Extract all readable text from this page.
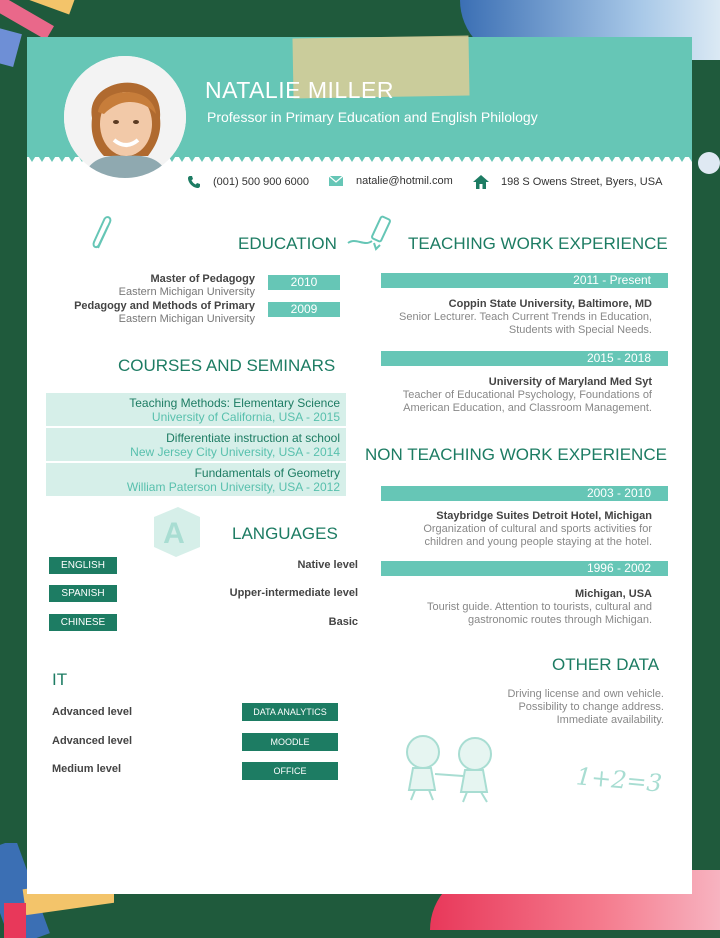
NATALIE MILLER
Professor in Primary Education and English Philology
(001) 500 900 6000	natalie@hotmil.com	198 S Owens Street, Byers, USA
A
1+2=3
EDUCATION
Master of Pedagogy
Eastern Michigan University
2010
Pedagogy and Methods of Primary
Eastern Michigan University
2009
COURSES AND SEMINARS
Teaching Methods: Elementary Science
University of California, USA - 2015
Differentiate instruction at school
New Jersey City University, USA - 2014
Fundamentals of Geometry
William Paterson University, USA - 2012
LANGUAGES
ENGLISH	Native level
SPANISH	Upper-intermediate level
CHINESE	Basic
IT
Advanced level	DATA ANALYTICS
Advanced level	MOODLE
Medium level	OFFICE
TEACHING WORK EXPERIENCE
2011 - Present
Coppin State University, Baltimore, MD
Senior Lecturer. Teach Current Trends in Education,
Students with Special Needs.
2015 - 2018
University of Maryland Med Syt
Teacher of Educational Psychology, Foundations of
American Education, and Classroom Management.
NON TEACHING WORK EXPERIENCE
2003 - 2010
Staybridge Suites Detroit Hotel, Michigan
Organization of cultural and sports activities for
children and young people staying at the hotel.
1996 - 2002
Michigan, USA
Tourist guide. Attention to tourists, cultural and
gastronomic routes through Michigan.
OTHER DATA
Driving license and own vehicle.
Possibility to change address.
Immediate availability.
